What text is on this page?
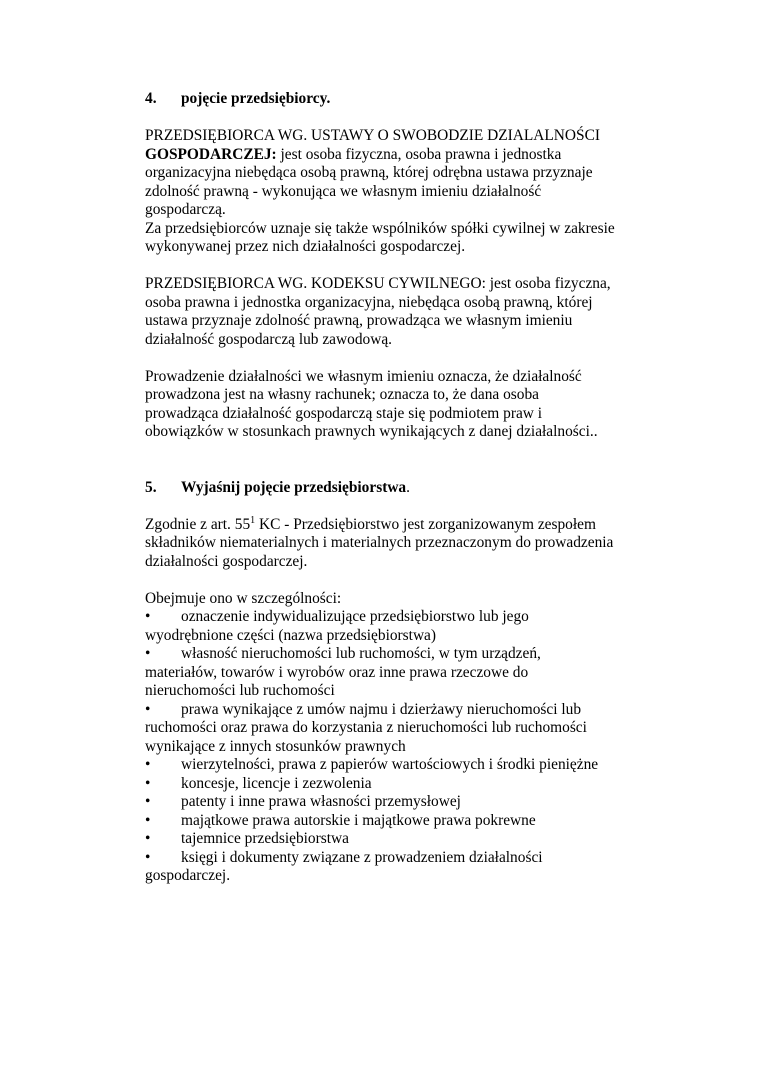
4. pojęcie przedsiębiorcy.
PRZEDSIĘBIORCA WG. USTAWY O SWOBODZIE DZIALALNOŚCI
GOSPODARCZEJ: jest osoba fizyczna, osoba prawna i jednostka
organizacyjna niebędąca osobą prawną, której odrębna ustawa przyznaje
zdolność prawną - wykonująca we własnym imieniu działalność
gospodarczą.
Za przedsiębiorców uznaje się także wspólników spółki cywilnej w zakresie
wykonywanej przez nich działalności gospodarczej.
PRZEDSIĘBIORCA WG. KODEKSU CYWILNEGO: jest osoba fizyczna,
osoba prawna i jednostka organizacyjna, niebędąca osobą prawną, której
ustawa przyznaje zdolność prawną, prowadząca we własnym imieniu
działalność gospodarczą lub zawodową.
Prowadzenie działalności we własnym imieniu oznacza, że działalność
prowadzona jest na własny rachunek; oznacza to, że dana osoba
prowadząca działalność gospodarczą staje się podmiotem praw i
obowiązków w stosunkach prawnych wynikających z danej działalności..
5. Wyjaśnij pojęcie przedsiębiorstwa.
Zgodnie z art. $55^1$ KC - Przedsiębiorstwo jest zorganizowanym zespołem
składników niematerialnych i materialnych przeznaczonym do prowadzenia
działalności gospodarczej.
Obejmuje ono w szczególności:
• oznaczenie indywidualizujące przedsiębiorstwo lub jego
wyodrębnione części (nazwa przedsiębiorstwa)
• własność nieruchomości lub ruchomości, w tym urządzeń,
materiałów, towarów i wyrobów oraz inne prawa rzeczowe do
nieruchomości lub ruchomości
• prawa wynikające z umów najmu i dzierżawy nieruchomości lub
ruchomości oraz prawa do korzystania z nieruchomości lub ruchomości
wynikające z innych stosunków prawnych
• wierzytelności, prawa z papierów wartościowych i środki pieniężne
• koncesje, licencje i zezwolenia
• patenty i inne prawa własności przemysłowej
• majątkowe prawa autorskie i majątkowe prawa pokrewne
• tajemnice przedsiębiorstwa
• księgi i dokumenty związane z prowadzeniem działalności
gospodarczej.
